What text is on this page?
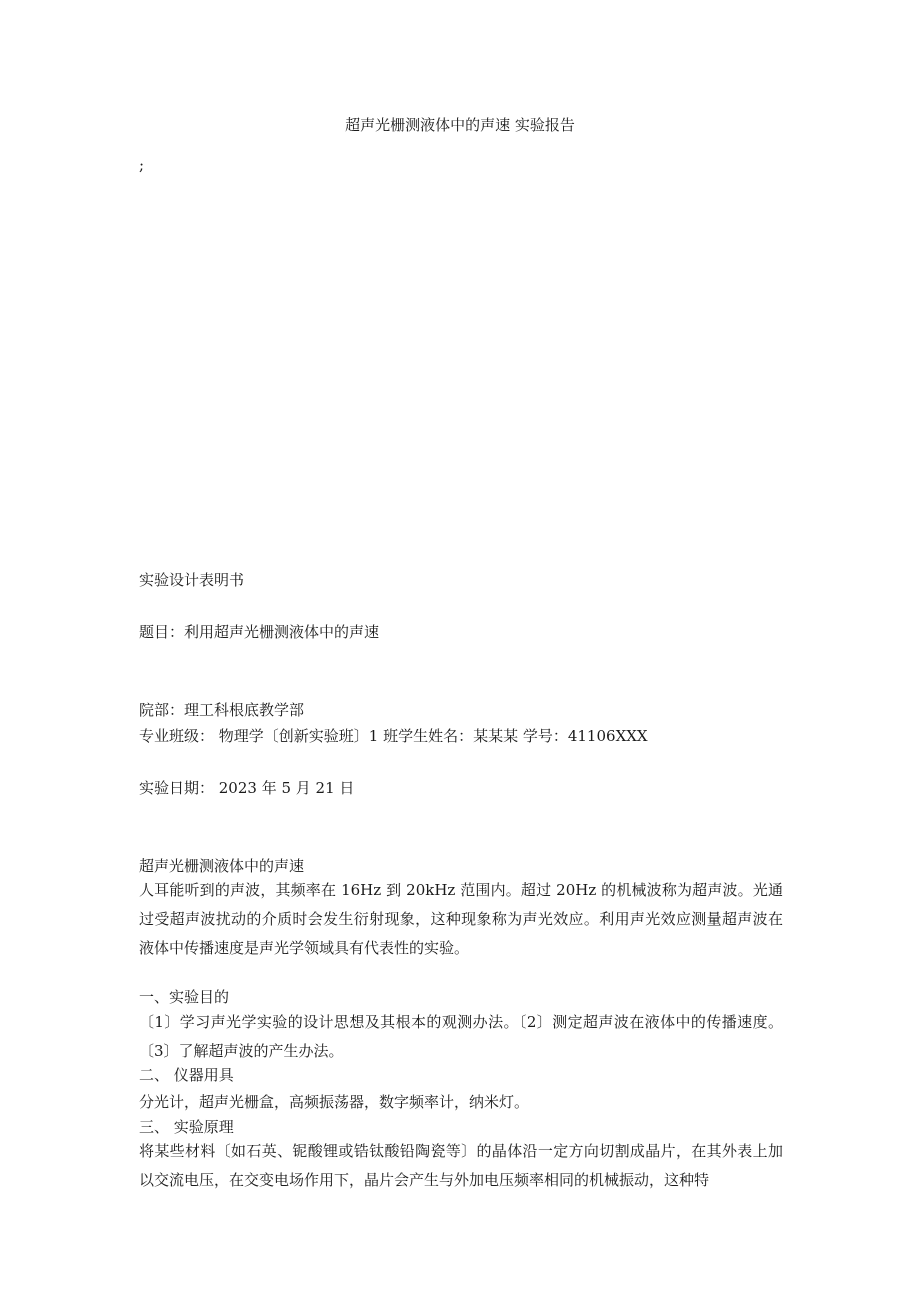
超声光栅测液体中的声速 实验报告

;

实验设计表明书

题目：利用超声光栅测液体中的声速

院部：理工科根底教学部

专业班级： 物理学〔创新实验班〕1 班学生姓名：某某某 学号：41106XXX

实验日期： 2023 年 5 月 21 日

超声光栅测液体中的声速

人耳能听到的声波，其频率在 16Hz 到 20kHz 范围内。超过 20Hz 的机械波称为超声波。光通过受超声波扰动的介质时会发生衍射现象，这种现象称为声光效应。利用声光效应测量超声波在液体中传播速度是声光学领域具有代表性的实验。

一、实验目的

〔1〕学习声光学实验的设计思想及其根本的观测办法。〔2〕测定超声波在液体中的传播速度。〔3〕了解超声波的产生办法。

二、 仪器用具

分光计，超声光栅盒，高频振荡器，数字频率计，纳米灯。

三、 实验原理

将某些材料〔如石英、铌酸锂或锆钛酸铅陶瓷等〕的晶体沿一定方向切割成晶片，在其外表上加以交流电压，在交变电场作用下，晶片会产生与外加电压频率相同的机械振动，这种特
